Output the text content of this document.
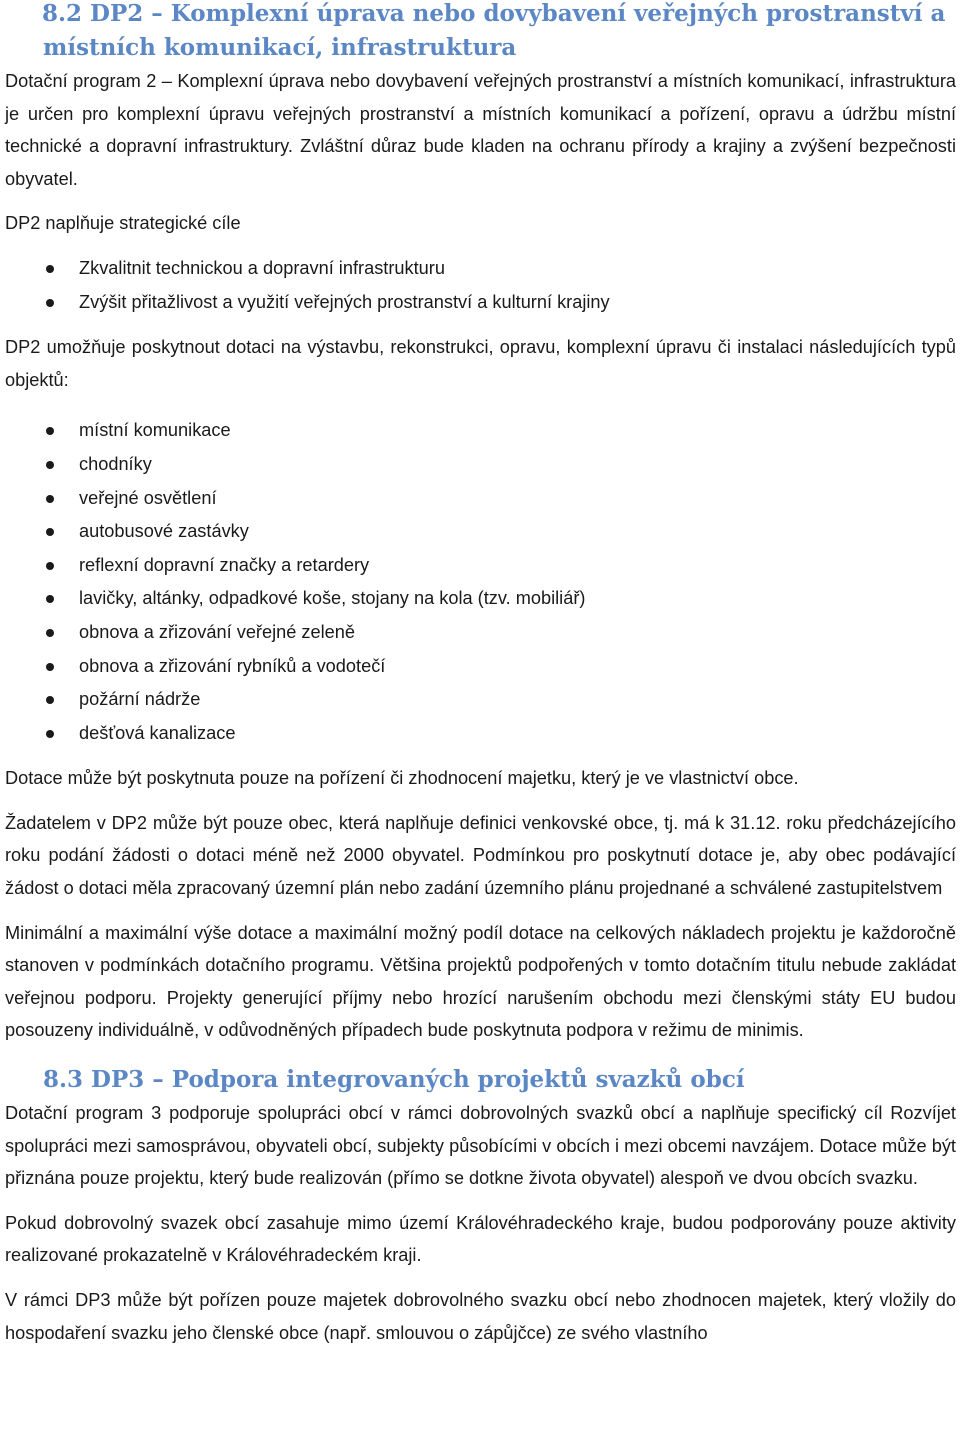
8.2 DP2 – Komplexní úprava nebo dovybavení veřejných prostranství a místních komunikací, infrastruktura

Dotační program 2 – Komplexní úprava nebo dovybavení veřejných prostranství a místních komunikací, infrastruktura je určen pro komplexní úpravu veřejných prostranství a místních komunikací a pořízení, opravu a údržbu místní technické a dopravní infrastruktury. Zvláštní důraz bude kladen na ochranu přírody a krajiny a zvýšení bezpečnosti obyvatel.

DP2 naplňuje strategické cíle

Zkvalitnit technickou a dopravní infrastrukturu
Zvýšit přitažlivost a využití veřejných prostranství a kulturní krajiny

DP2 umožňuje poskytnout dotaci na výstavbu, rekonstrukci, opravu, komplexní úpravu či instalaci následujících typů objektů:

místní komunikace
chodníky
veřejné osvětlení
autobusové zastávky
reflexní dopravní značky a retardery
lavičky, altánky, odpadkové koše, stojany na kola (tzv. mobiliář)
obnova a zřizování veřejné zeleně
obnova a zřizování rybníků a vodotečí
požární nádrže
dešťová kanalizace

Dotace může být poskytnuta pouze na pořízení či zhodnocení majetku, který je ve vlastnictví obce.

Žadatelem v DP2 může být pouze obec, která naplňuje definici venkovské obce, tj. má k 31.12. roku předcházejícího roku podání žádosti o dotaci méně než 2000 obyvatel. Podmínkou pro poskytnutí dotace je, aby obec podávající žádost o dotaci měla zpracovaný územní plán nebo zadání územního plánu projednané a schválené zastupitelstvem

Minimální a maximální výše dotace a maximální možný podíl dotace na celkových nákladech projektu je každoročně stanoven v podmínkách dotačního programu. Většina projektů podpořených v tomto dotačním titulu nebude zakládat veřejnou podporu. Projekty generující příjmy nebo hrozící narušením obchodu mezi členskými státy EU budou posouzeny individuálně, v odůvodněných případech bude poskytnuta podpora v režimu de minimis.

8.3 DP3 – Podpora integrovaných projektů svazků obcí

Dotační program 3 podporuje spolupráci obcí v rámci dobrovolných svazků obcí a naplňuje specifický cíl Rozvíjet spolupráci mezi samosprávou, obyvateli obcí, subjekty působícími v obcích i mezi obcemi navzájem. Dotace může být přiznána pouze projektu, který bude realizován (přímo se dotkne života obyvatel) alespoň ve dvou obcích svazku.

Pokud dobrovolný svazek obcí zasahuje mimo území Královéhradeckého kraje, budou podporovány pouze aktivity realizované prokazatelně v Královéhradeckém kraji.

V rámci DP3 může být pořízen pouze majetek dobrovolného svazku obcí nebo zhodnocen majetek, který vložily do hospodaření svazku jeho členské obce (např. smlouvou o zápůjčce) ze svého vlastního
